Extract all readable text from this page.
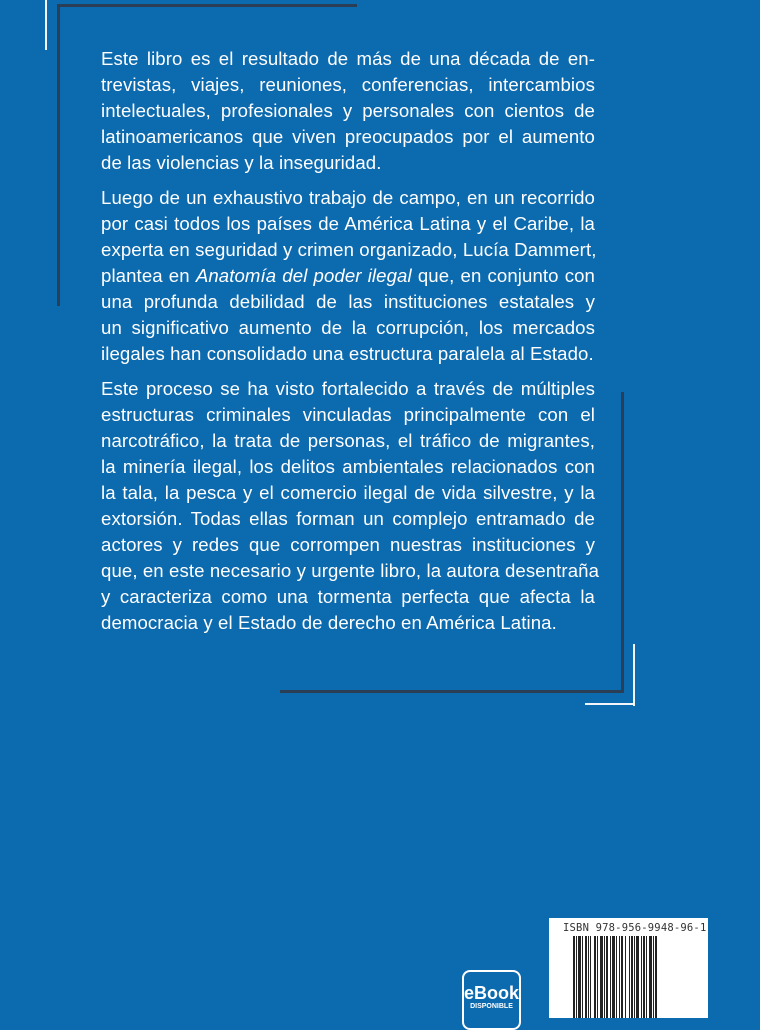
Este libro es el resultado de más de una década de en-
trevistas, viajes, reuniones, conferencias, intercambios
intelectuales, profesionales y personales con cientos de
latinoamericanos que viven preocupados por el aumento
de las violencias y la inseguridad.

Luego de un exhaustivo trabajo de campo, en un recorrido
por casi todos los países de América Latina y el Caribe, la
experta en seguridad y crimen organizado, Lucía Dammert,
plantea en Anatomía del poder ilegal que, en conjunto con
una profunda debilidad de las instituciones estatales y
un significativo aumento de la corrupción, los mercados
ilegales han consolidado una estructura paralela al Estado.

Este proceso se ha visto fortalecido a través de múltiples
estructuras criminales vinculadas principalmente con el
narcotráfico, la trata de personas, el tráfico de migrantes,
la minería ilegal, los delitos ambientales relacionados con
la tala, la pesca y el comercio ilegal de vida silvestre, y la
extorsión. Todas ellas forman un complejo entramado de
actores y redes que corrompen nuestras instituciones y
que, en este necesario y urgente libro, la autora desentraña
y caracteriza como una tormenta perfecta que afecta la
democracia y el Estado de derecho en América Latina.

eBook
DISPONIBLE
ISBN 978-956-9948-96-1
